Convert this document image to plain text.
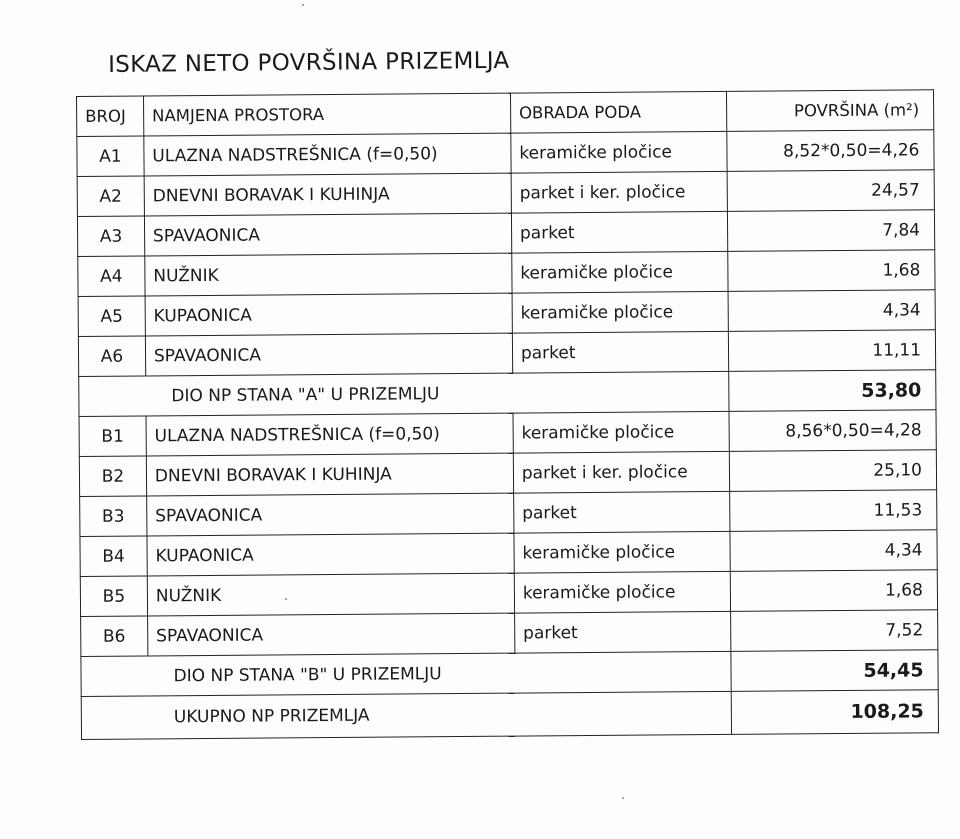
ISKAZ NETO POVRŠINA PRIZEMLJA
BROJ	NAMJENA PROSTORA	OBRADA PODA	POVRŠINA (m²)
A1	ULAZNA NADSTREŠNICA (f=0,50)	keramičke pločice	8,52*0,50=4,26
A2	DNEVNI BORAVAK I KUHINJA	parket i ker. pločice	24,57
A3	SPAVAONICA	parket	7,84
A4	NUŽNIK	keramičke pločice	1,68
A5	KUPAONICA	keramičke pločice	4,34
A6	SPAVAONICA	parket	11,11
DIO NP STANA "A" U PRIZEMLJU			53,80
B1	ULAZNA NADSTREŠNICA (f=0,50)	keramičke pločice	8,56*0,50=4,28
B2	DNEVNI BORAVAK I KUHINJA	parket i ker. pločice	25,10
B3	SPAVAONICA	parket	11,53
B4	KUPAONICA	keramičke pločice	4,34
B5	NUŽNIK	keramičke pločice	1,68
B6	SPAVAONICA	parket	7,52
DIO NP STANA "B" U PRIZEMLJU			54,45
UKUPNO NP PRIZEMLJA			108,25
